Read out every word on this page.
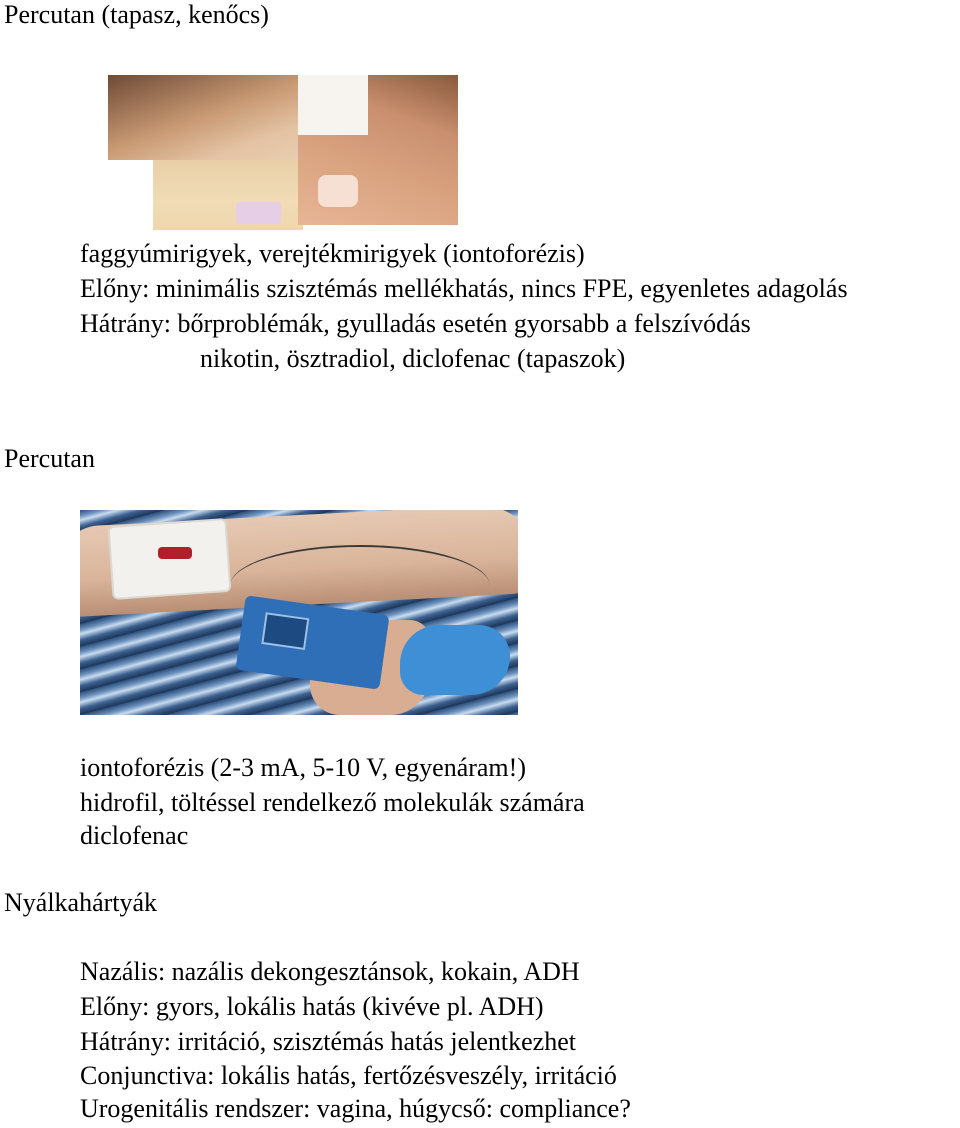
Percutan (tapasz, kenőcs)

faggyúmirigyek, verejtékmirigyek (iontoforézis)

Előny: minimális szisztémás mellékhatás, nincs FPE, egyenletes adagolás

Hátrány: bőrproblémák, gyulladás esetén gyorsabb a felszívódás

nikotin, ösztradiol, diclofenac (tapaszok)

Percutan

iontoforézis (2-3 mA, 5-10 V, egyenáram!)

hidrofil, töltéssel rendelkező molekulák számára

diclofenac

Nyálkahártyák

Nazális: nazális dekongesztánsok, kokain, ADH

Előny: gyors, lokális hatás (kivéve pl. ADH)

Hátrány: irritáció, szisztémás hatás jelentkezhet

Conjunctiva: lokális hatás, fertőzésveszély, irritáció

Urogenitális rendszer: vagina, húgycső: compliance?
